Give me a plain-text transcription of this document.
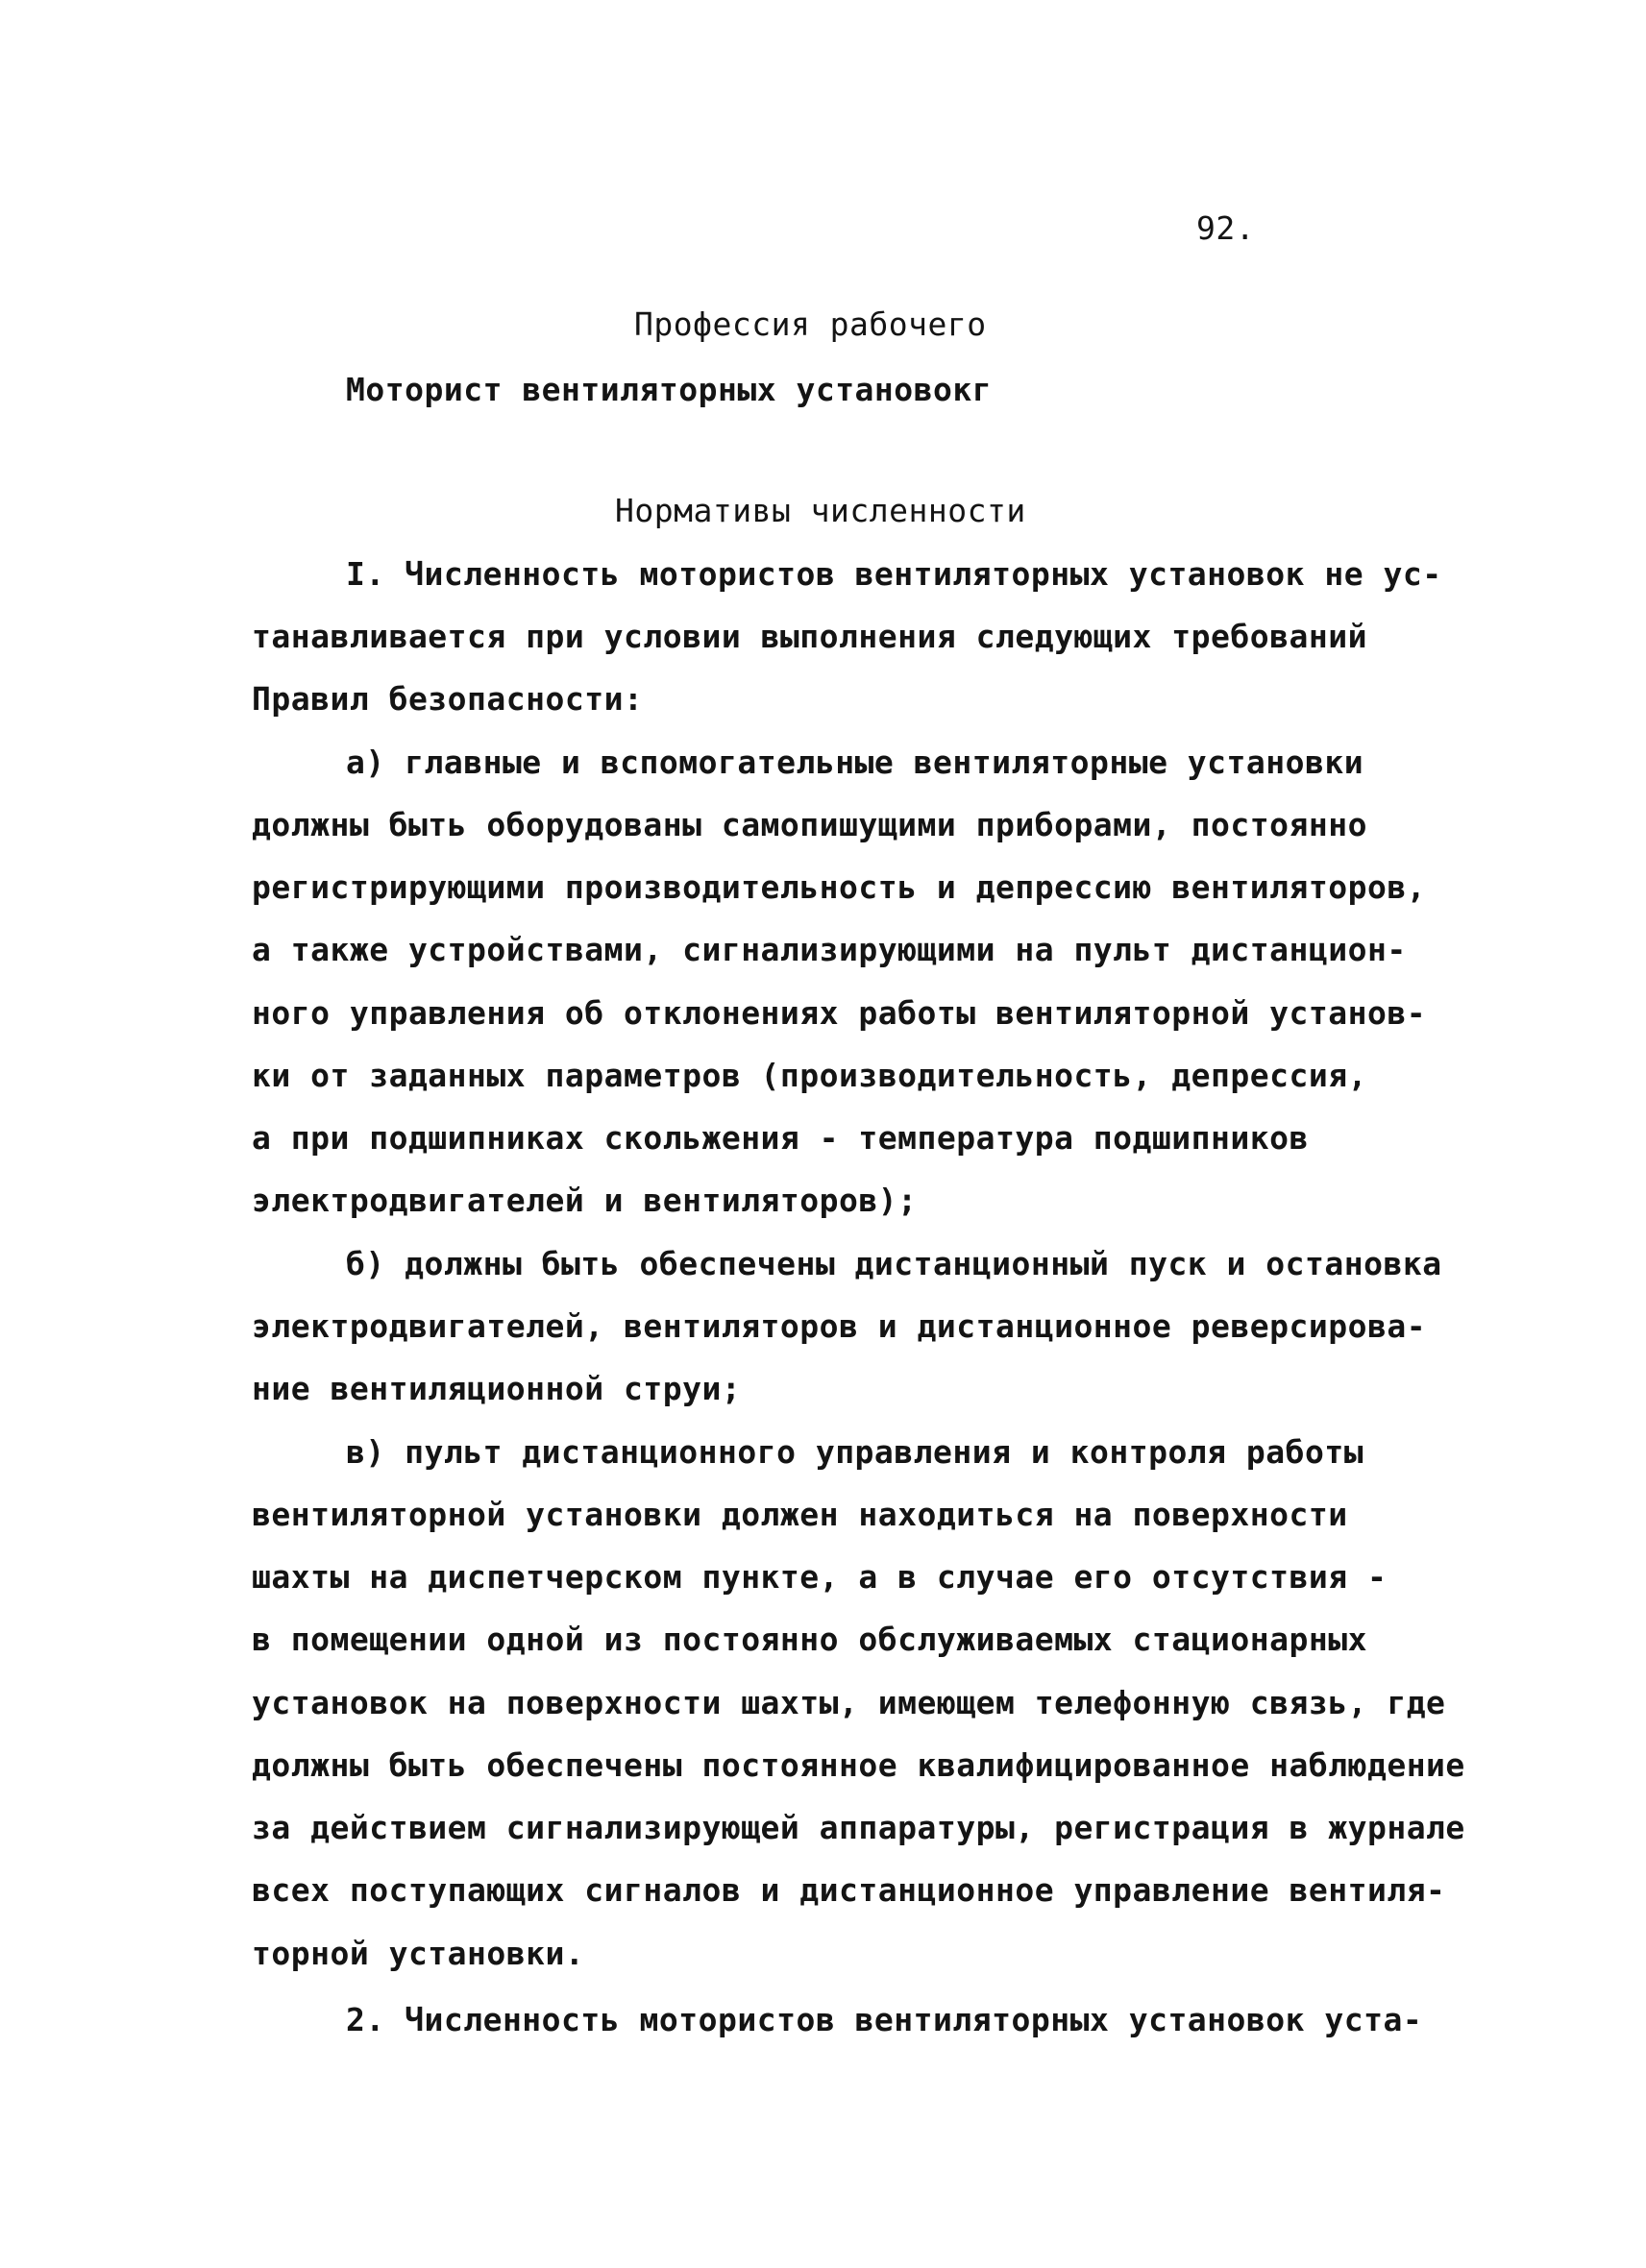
92.
Профессия рабочего
Моторист вентиляторных установокг
Нормативы численности
I. Численность мотористов вентиляторных установок не ус-
танавливается при условии выполнения следующих требований
Правил безопасности:
а) главные и вспомогательные вентиляторные установки
должны быть оборудованы самопишущими приборами, постоянно
регистрирующими производительность и депрессию вентиляторов,
а также устройствами, сигнализирующими на пульт дистанцион-
ного управления об отклонениях работы вентиляторной установ-
ки от заданных параметров (производительность, депрессия,
а при подшипниках скольжения - температура подшипников
электродвигателей и вентиляторов);
б) должны быть обеспечены дистанционный пуск и остановка
электродвигателей, вентиляторов и дистанционное реверсирова-
ние вентиляционной струи;
в) пульт дистанционного управления и контроля работы
вентиляторной установки должен находиться на поверхности
шахты на диспетчерском пункте, а в случае его отсутствия -
в помещении одной из постоянно обслуживаемых стационарных
установок на поверхности шахты, имеющем телефонную связь, где
должны быть обеспечены постоянное квалифицированное наблюдение
за действием сигнализирующей аппаратуры, регистрация в журнале
всех поступающих сигналов и дистанционное управление вентиля-
торной установки.
2. Численность мотористов вентиляторных установок уста-
